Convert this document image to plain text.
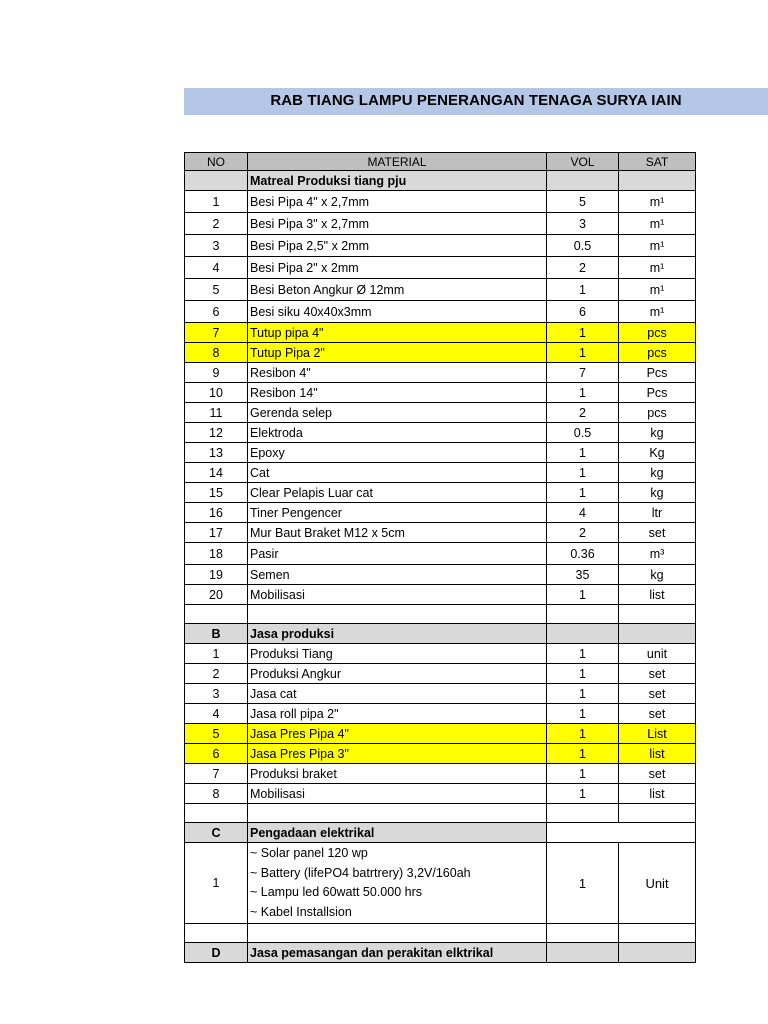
RAB TIANG LAMPU PENERANGAN TENAGA SURYA IAIN
NO	MATERIAL	VOL	SAT
	Matreal Produksi tiang pju		
1	Besi Pipa 4" x 2,7mm	5	m¹
2	Besi Pipa 3" x 2,7mm	3	m¹
3	Besi Pipa 2,5" x 2mm	0.5	m¹
4	Besi Pipa 2" x 2mm	2	m¹
5	Besi Beton Angkur Ø 12mm	1	m¹
6	Besi siku 40x40x3mm	6	m¹
7	Tutup pipa 4"	1	pcs
8	Tutup Pipa 2"	1	pcs
9	Resibon 4"	7	Pcs
10	Resibon 14"	1	Pcs
11	Gerenda selep	2	pcs
12	Elektroda	0.5	kg
13	Epoxy	1	Kg
14	Cat	1	kg
15	Clear Pelapis Luar cat	1	kg
16	Tiner Pengencer	4	ltr
17	Mur Baut Braket M12 x 5cm	2	set
18	Pasir	0.36	m³
19	Semen	35	kg
20	Mobilisasi	1	list

B	Jasa produksi		
1	Produksi Tiang	1	unit
2	Produksi Angkur	1	set
3	Jasa cat	1	set
4	Jasa roll pipa 2"	1	set
5	Jasa Pres Pipa 4"	1	List
6	Jasa Pres Pipa 3"	1	list
7	Produksi braket	1	set
8	Mobilisasi	1	list

C	Pengadaan elektrikal		
1	~ Solar panel 120 wp
~ Battery (lifePO4 batrtrery) 3,2V/160ah
~ Lampu led 60watt 50.000 hrs
~ Kabel Installsion	1	Unit

D	Jasa pemasangan dan perakitan elktrikal		
